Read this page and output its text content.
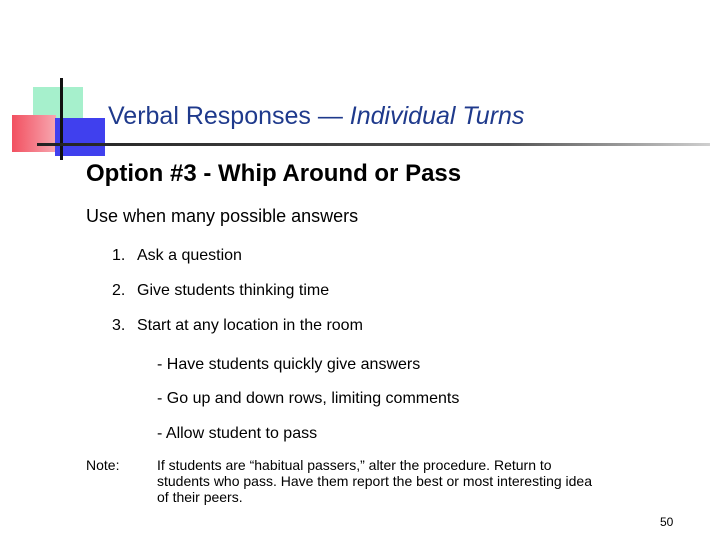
Verbal Responses — Individual Turns
Option #3 - Whip Around or Pass
Use when many possible answers
1. Ask a question
2. Give students thinking time
3. Start at any location in the room
- Have students quickly give answers
- Go up and down rows, limiting comments
- Allow student to pass
Note:	If students are “habitual passers,” alter the procedure. Return to students who pass. Have them report the best or most interesting idea of their peers.
50
